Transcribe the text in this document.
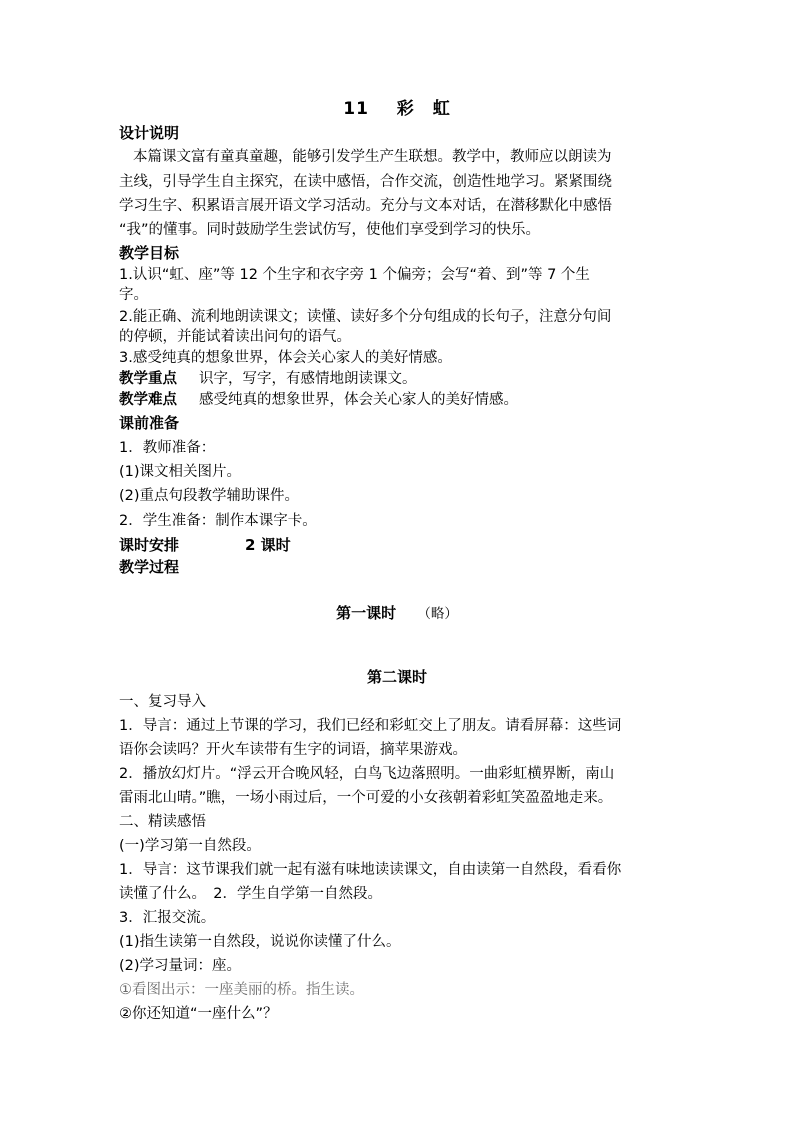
11 彩　虹
设计说明
本篇课文富有童真童趣，能够引发学生产生联想。教学中，教师应以朗读为
主线，引导学生自主探究，在读中感悟，合作交流，创造性地学习。紧紧围绕
学习生字、积累语言展开语文学习活动。充分与文本对话，在潜移默化中感悟
“我”的懂事。同时鼓励学生尝试仿写，使他们享受到学习的快乐。
教学目标
1.认识“虹、座”等 12 个生字和衣字旁 1 个偏旁；会写“着、到”等 7 个生
字。
2.能正确、流利地朗读课文；读懂、读好多个分句组成的长句子，注意分句间
的停顿，并能试着读出问句的语气。
3.感受纯真的想象世界，体会关心家人的美好情感。
教学重点 识字，写字，有感情地朗读课文。
教学难点 感受纯真的想象世界，体会关心家人的美好情感。
课前准备
1．教师准备：
(1)课文相关图片。
(2)重点句段教学辅助课件。
2．学生准备：制作本课字卡。
课时安排	2 课时
教学过程
第一课时 （略）
第二课时
一、复习导入
1．导言：通过上节课的学习，我们已经和彩虹交上了朋友。请看屏幕：这些词
语你会读吗？开火车读带有生字的词语，摘苹果游戏。
2．播放幻灯片。“浮云开合晚风轻，白鸟飞边落照明。一曲彩虹横界断，南山
雷雨北山晴。”瞧，一场小雨过后，一个可爱的小女孩朝着彩虹笑盈盈地走来。
二、精读感悟
(一)学习第一自然段。
1．导言：这节课我们就一起有滋有味地读读课文，自由读第一自然段，看看你
读懂了什么。　2．学生自学第一自然段。
3．汇报交流。
(1)指生读第一自然段，说说你读懂了什么。
(2)学习量词：座。
①看图出示：一座美丽的桥。指生读。
②你还知道“一座什么”？
